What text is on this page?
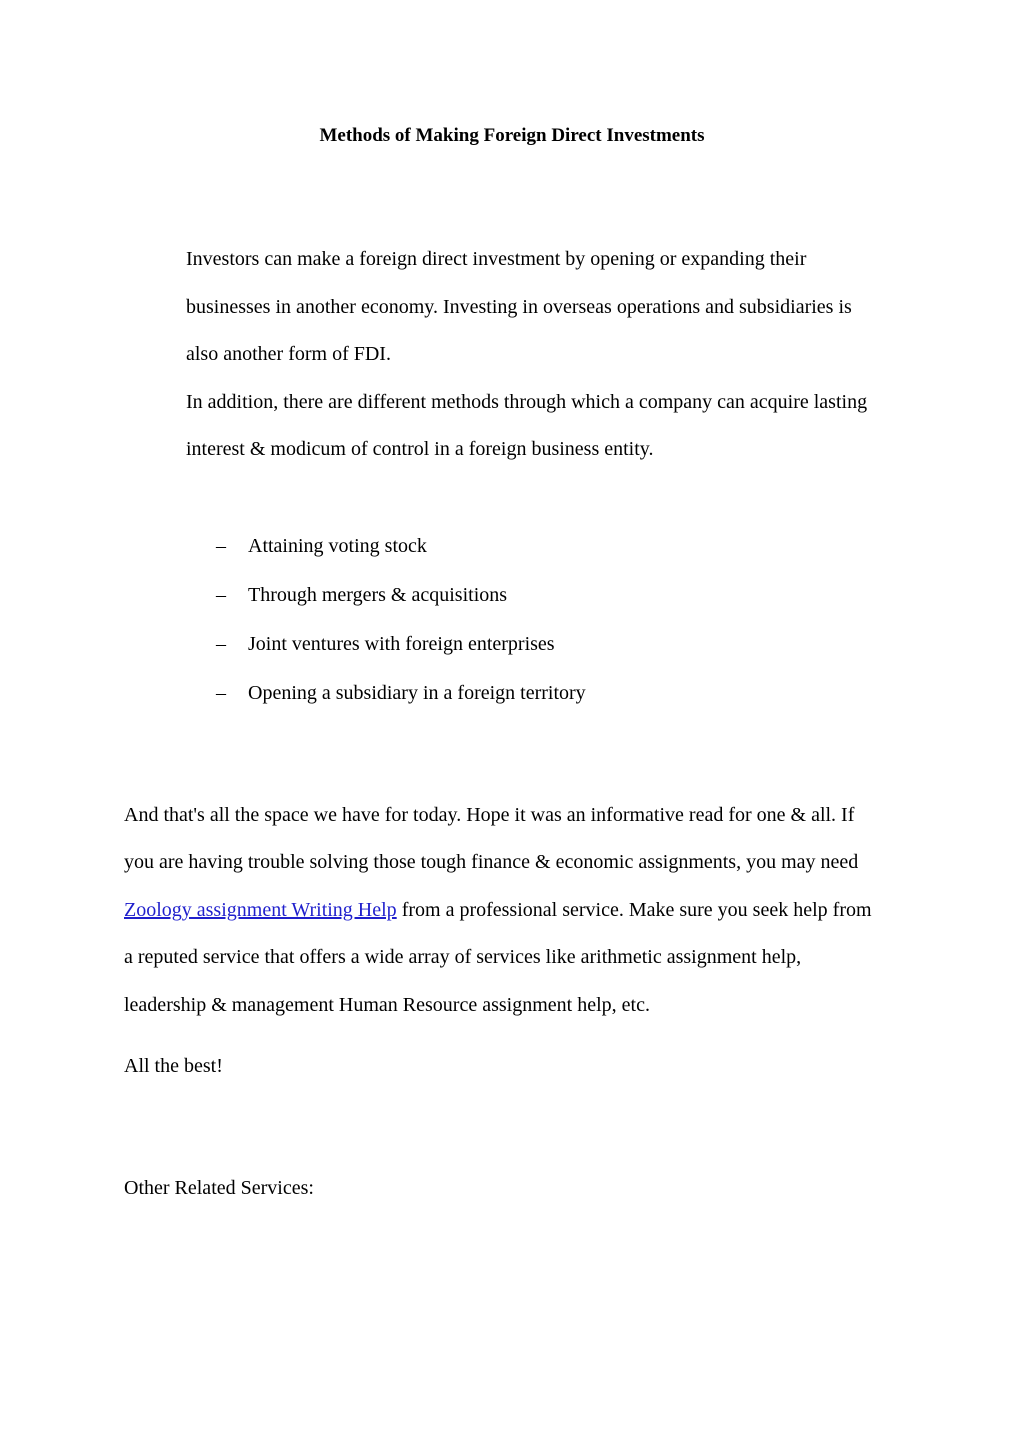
Methods of Making Foreign Direct Investments
Investors can make a foreign direct investment by opening or expanding their
businesses in another economy. Investing in overseas operations and subsidiaries is
also another form of FDI.
In addition, there are different methods through which a company can acquire lasting
interest & modicum of control in a foreign business entity.
– Attaining voting stock
– Through mergers & acquisitions
– Joint ventures with foreign enterprises
– Opening a subsidiary in a foreign territory
And that's all the space we have for today. Hope it was an informative read for one & all. If
you are having trouble solving those tough finance & economic assignments, you may need
Zoology assignment Writing Help from a professional service. Make sure you seek help from
a reputed service that offers a wide array of services like arithmetic assignment help,
leadership & management Human Resource assignment help, etc.
All the best!
Other Related Services:
